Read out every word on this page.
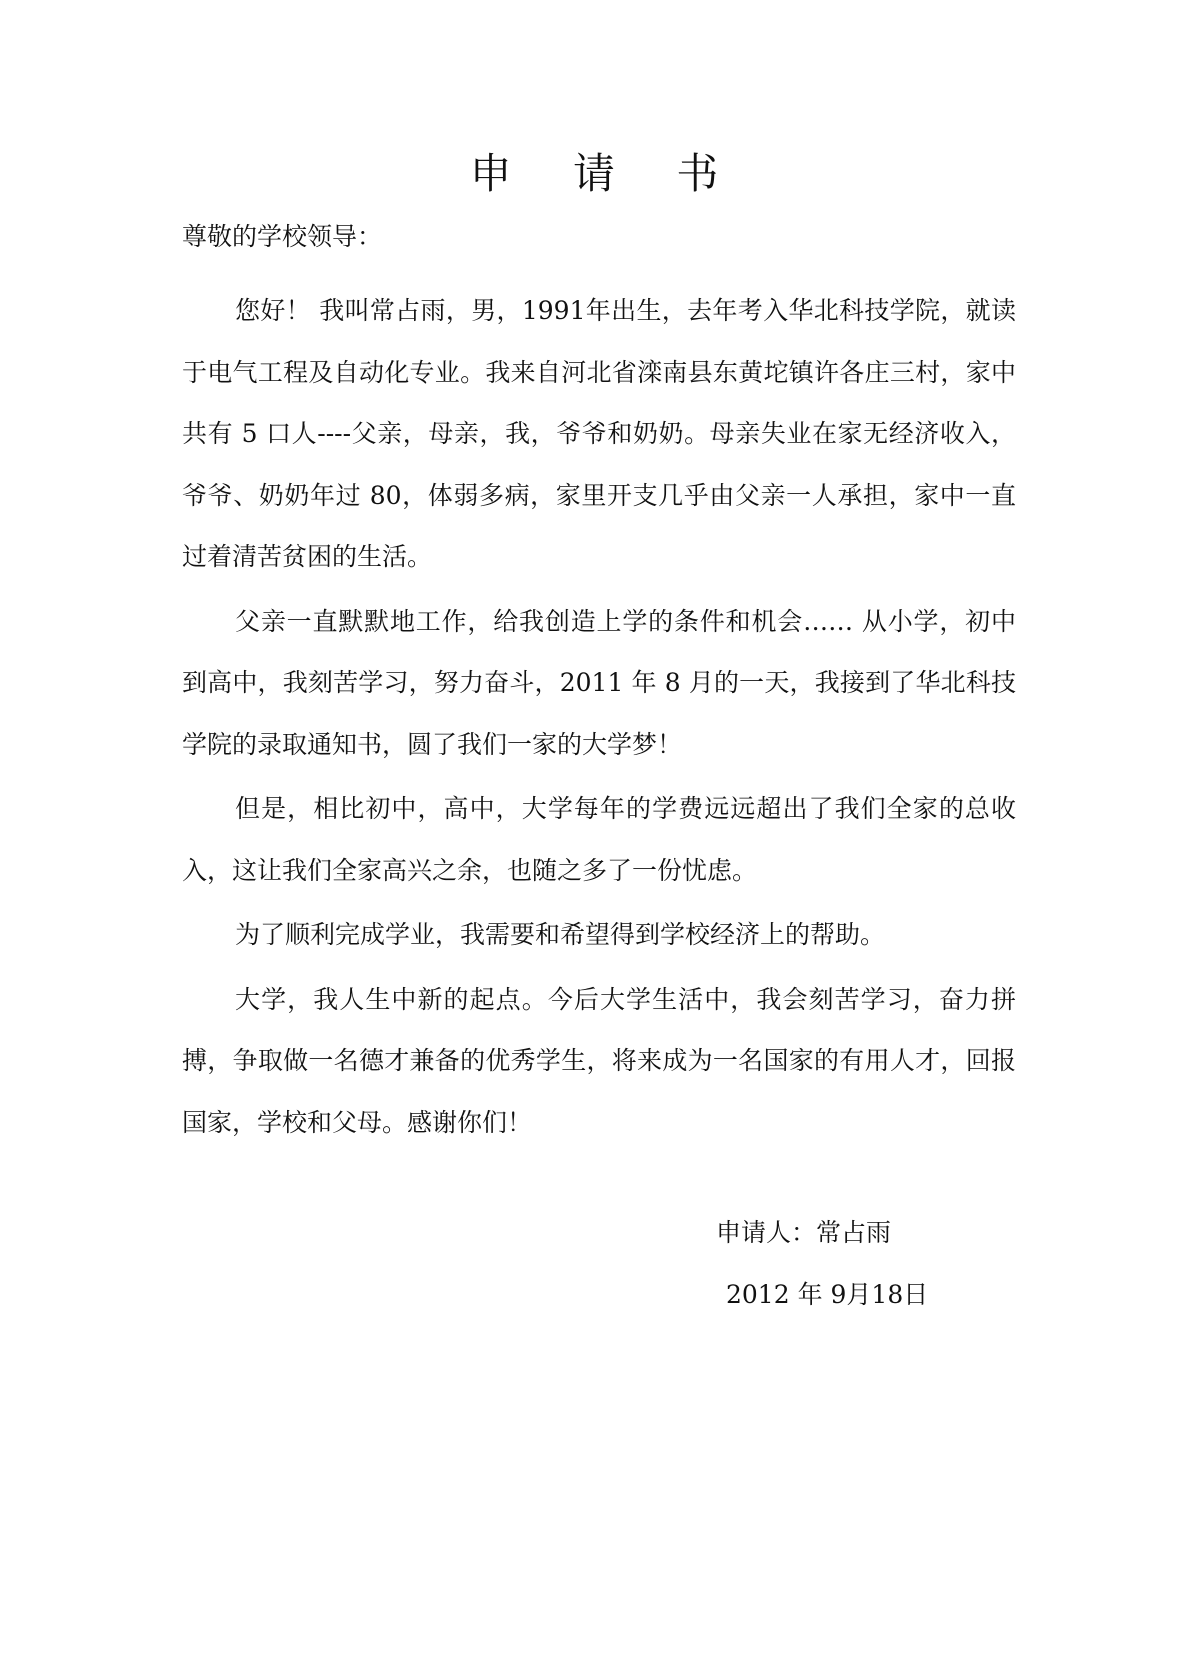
申 请 书

尊敬的学校领导：

您好！ 我叫常占雨，男，1991年出生，去年考入华北科技学院，就读于电气工程及自动化专业。我来自河北省滦南县东黄坨镇许各庄三村，家中共有 5 口人----父亲，母亲，我，爷爷和奶奶。母亲失业在家无经济收入，爷爷、奶奶年过 80，体弱多病，家里开支几乎由父亲一人承担，家中一直过着清苦贫困的生活。

父亲一直默默地工作，给我创造上学的条件和机会…… 从小学，初中到高中，我刻苦学习，努力奋斗，2011 年 8 月的一天，我接到了华北科技学院的录取通知书，圆了我们一家的大学梦！

但是，相比初中，高中，大学每年的学费远远超出了我们全家的总收入，这让我们全家高兴之余，也随之多了一份忧虑。

为了顺利完成学业，我需要和希望得到学校经济上的帮助。

大学，我人生中新的起点。今后大学生活中，我会刻苦学习，奋力拼搏，争取做一名德才兼备的优秀学生，将来成为一名国家的有用人才，回报国家，学校和父母。感谢你们！

申请人：常占雨

2012 年 9月18日
